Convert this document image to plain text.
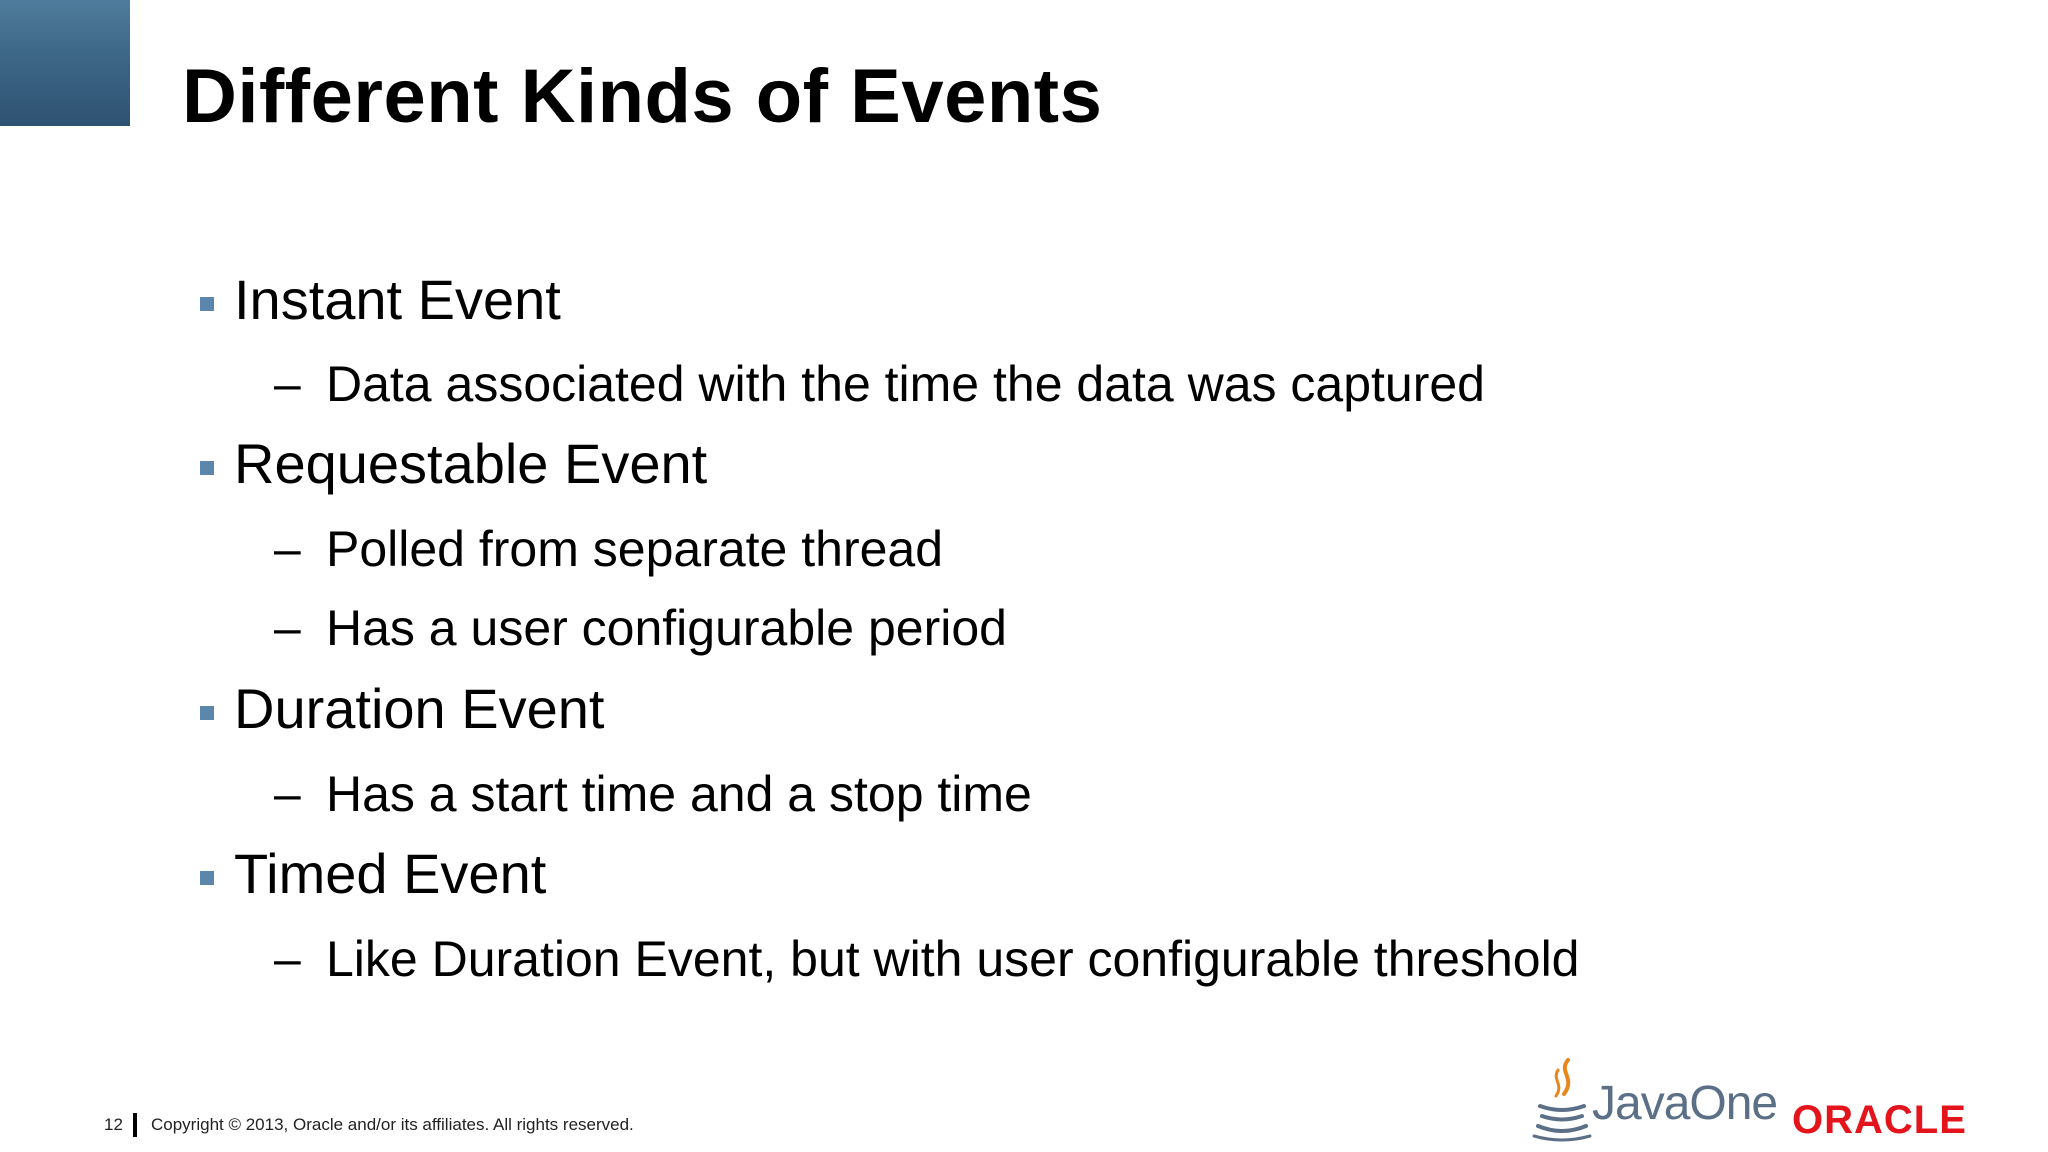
Different Kinds of Events
Instant Event
– Data associated with the time the data was captured
Requestable Event
– Polled from separate thread
– Has a user configurable period
Duration Event
– Has a start time and a stop time
Timed Event
– Like Duration Event, but with user configurable threshold
12 Copyright © 2013, Oracle and/or its affiliates. All rights reserved.	JavaOne ORACLE
